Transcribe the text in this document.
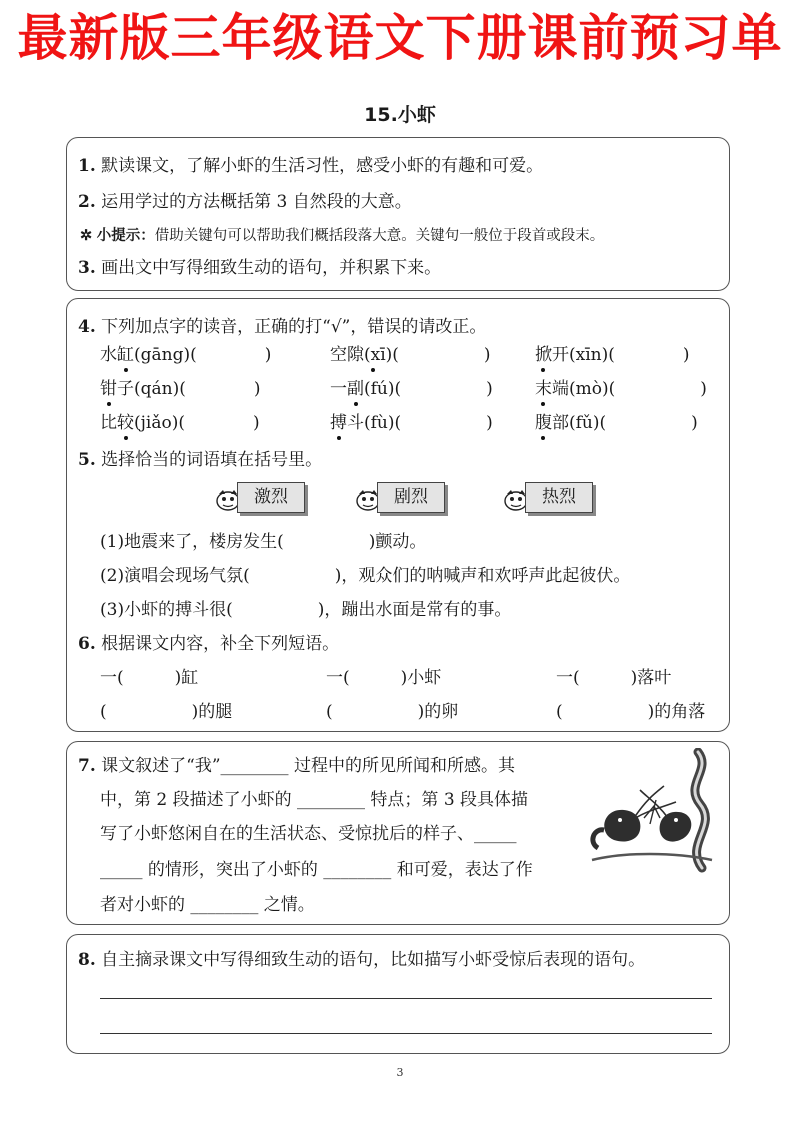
最新版三年级语文下册课前预习单
15.小虾
1. 默读课文，了解小虾的生活习性，感受小虾的有趣和可爱。
2. 运用学过的方法概括第 3 自然段的大意。
✲ 小提示：借助关键句可以帮助我们概括段落大意。关键句一般位于段首或段末。
3. 画出文中写得细致生动的语句，并积累下来。
4. 下列加点字的读音，正确的打“√”，错误的请改正。
水缸(gāng)(　　　　)	空隙(xī)(　　　　　)	掀开(xīn)(　　　　)
钳子(qán)(　　　　)	一副(fú)(　　　　　) 末端(mò)(　　　　　)
比较(jiǎo)(　　　　)	搏斗(fù)(　　　　　) 腹部(fǔ)(　　　　　)
5. 选择恰当的词语填在括号里。
激烈	剧烈	热烈
(1)地震来了，楼房发生(　　　　　)颤动。
(2)演唱会现场气氛(　　　　　)，观众们的呐喊声和欢呼声此起彼伏。
(3)小虾的搏斗很(　　　　　)，蹦出水面是常有的事。
6. 根据课文内容，补全下列短语。
一(　　　)缸	一(　　　)小虾	一(　　　)落叶
(　　　　　)的腿	(　　　　　)的卵	(　　　　　)的角落
7. 课文叙述了“我”________ 过程中的所见所闻和所感。其
中，第 2 段描述了小虾的 ________ 特点；第 3 段具体描
写了小虾悠闲自在的生活状态、受惊扰后的样子、_____
_____ 的情形，突出了小虾的 ________ 和可爱，表达了作
者对小虾的 ________ 之情。
8. 自主摘录课文中写得细致生动的语句，比如描写小虾受惊后表现的语句。
3
